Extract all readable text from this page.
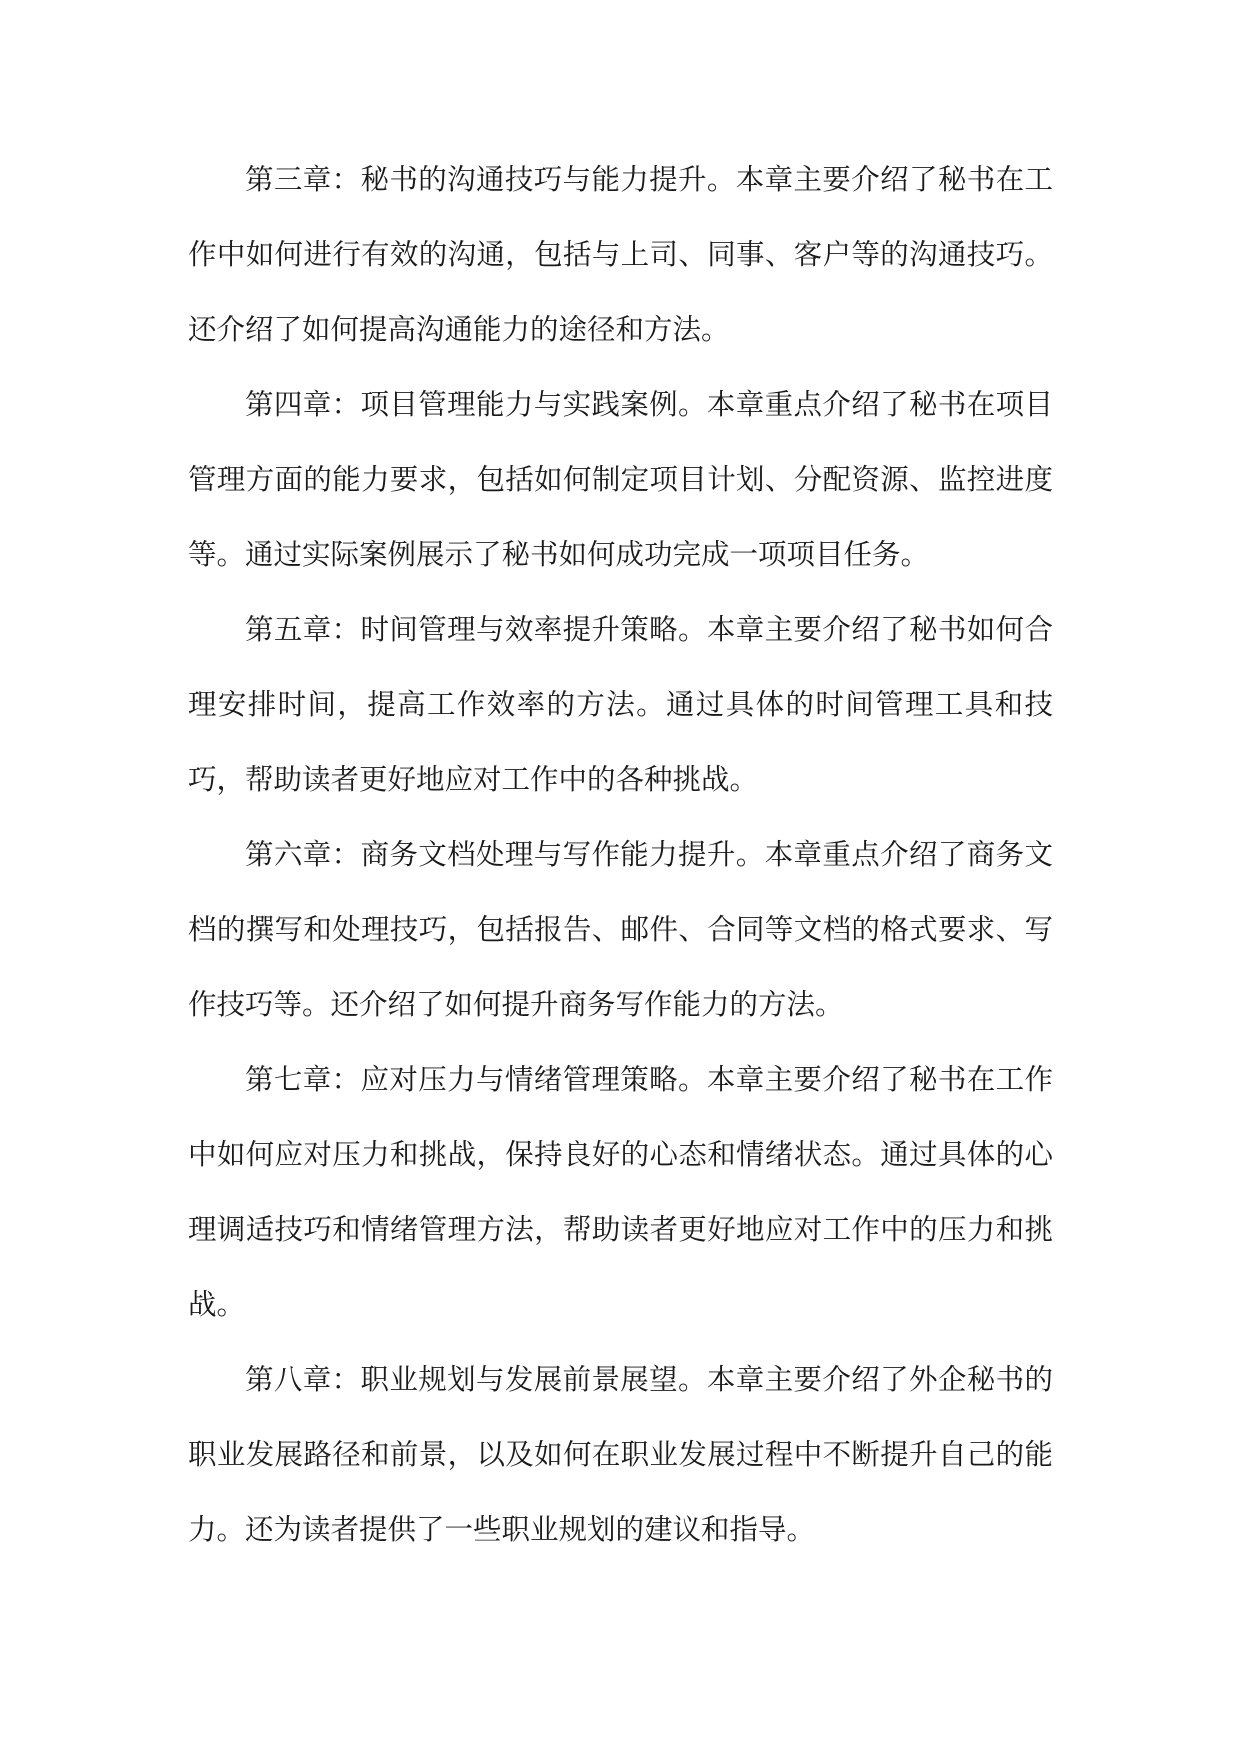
第三章：秘书的沟通技巧与能力提升。本章主要介绍了秘书在工作中如何进行有效的沟通，包括与上司、同事、客户等的沟通技巧。还介绍了如何提高沟通能力的途径和方法。

第四章：项目管理能力与实践案例。本章重点介绍了秘书在项目管理方面的能力要求，包括如何制定项目计划、分配资源、监控进度等。通过实际案例展示了秘书如何成功完成一项项目任务。

第五章：时间管理与效率提升策略。本章主要介绍了秘书如何合理安排时间，提高工作效率的方法。通过具体的时间管理工具和技巧，帮助读者更好地应对工作中的各种挑战。

第六章：商务文档处理与写作能力提升。本章重点介绍了商务文档的撰写和处理技巧，包括报告、邮件、合同等文档的格式要求、写作技巧等。还介绍了如何提升商务写作能力的方法。

第七章：应对压力与情绪管理策略。本章主要介绍了秘书在工作中如何应对压力和挑战，保持良好的心态和情绪状态。通过具体的心理调适技巧和情绪管理方法，帮助读者更好地应对工作中的压力和挑战。

第八章：职业规划与发展前景展望。本章主要介绍了外企秘书的职业发展路径和前景，以及如何在职业发展过程中不断提升自己的能力。还为读者提供了一些职业规划的建议和指导。
